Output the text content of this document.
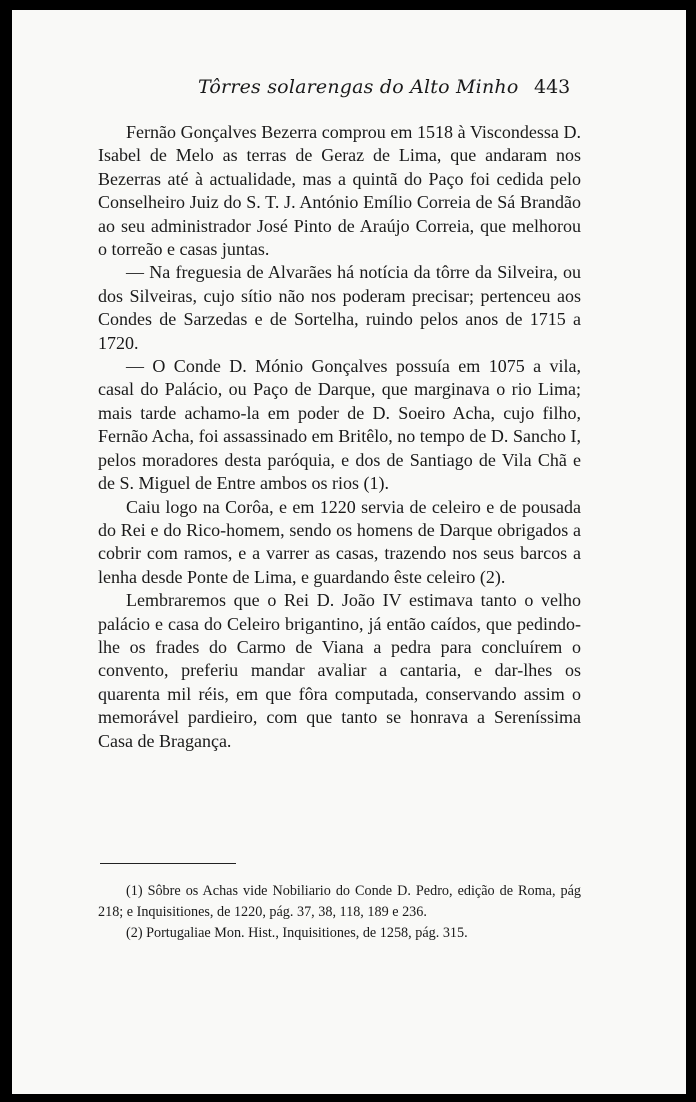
Tôrres solarengas do Alto Minho 443

Fernão Gonçalves Bezerra comprou em 1518 à Viscondessa D. Isabel de Melo as terras de Geraz de Lima, que andaram nos Bezerras até à actualidade, mas a quintã do Paço foi cedida pelo Conselheiro Juiz do S. T. J. António Emílio Correia de Sá Brandão ao seu administrador José Pinto de Araújo Correia, que melhorou o torreão e casas juntas.

— Na freguesia de Alvarães há notícia da tôrre da Silveira, ou dos Silveiras, cujo sítio não nos poderam precisar; pertenceu aos Condes de Sarzedas e de Sortelha, ruindo pelos anos de 1715 a 1720.

— O Conde D. Mónio Gonçalves possuía em 1075 a vila, casal do Palácio, ou Paço de Darque, que marginava o rio Lima; mais tarde achamo-la em poder de D. Soeiro Acha, cujo filho, Fernão Acha, foi assassinado em Britêlo, no tempo de D. Sancho I, pelos moradores desta paróquia, e dos de Santiago de Vila Chã e de S. Miguel de Entre ambos os rios (1).

Caiu logo na Corôa, e em 1220 servia de celeiro e de pousada do Rei e do Rico-homem, sendo os homens de Darque obrigados a cobrir com ramos, e a varrer as casas, trazendo nos seus barcos a lenha desde Ponte de Lima, e guardando êste celeiro (2).

Lembraremos que o Rei D. João IV estimava tanto o velho palácio e casa do Celeiro brigantino, já então caídos, que pedindo-lhe os frades do Carmo de Viana a pedra para concluírem o convento, preferiu mandar avaliar a cantaria, e dar-lhes os quarenta mil réis, em que fôra computada, conservando assim o memorável pardieiro, com que tanto se honrava a Sereníssima Casa de Bragança.

(1) Sôbre os Achas vide Nobiliario do Conde D. Pedro, edição de Roma, pág 218; e Inquisitiones, de 1220, pág. 37, 38, 118, 189 e 236.

(2) Portugaliae Mon. Hist., Inquisitiones, de 1258, pág. 315.
